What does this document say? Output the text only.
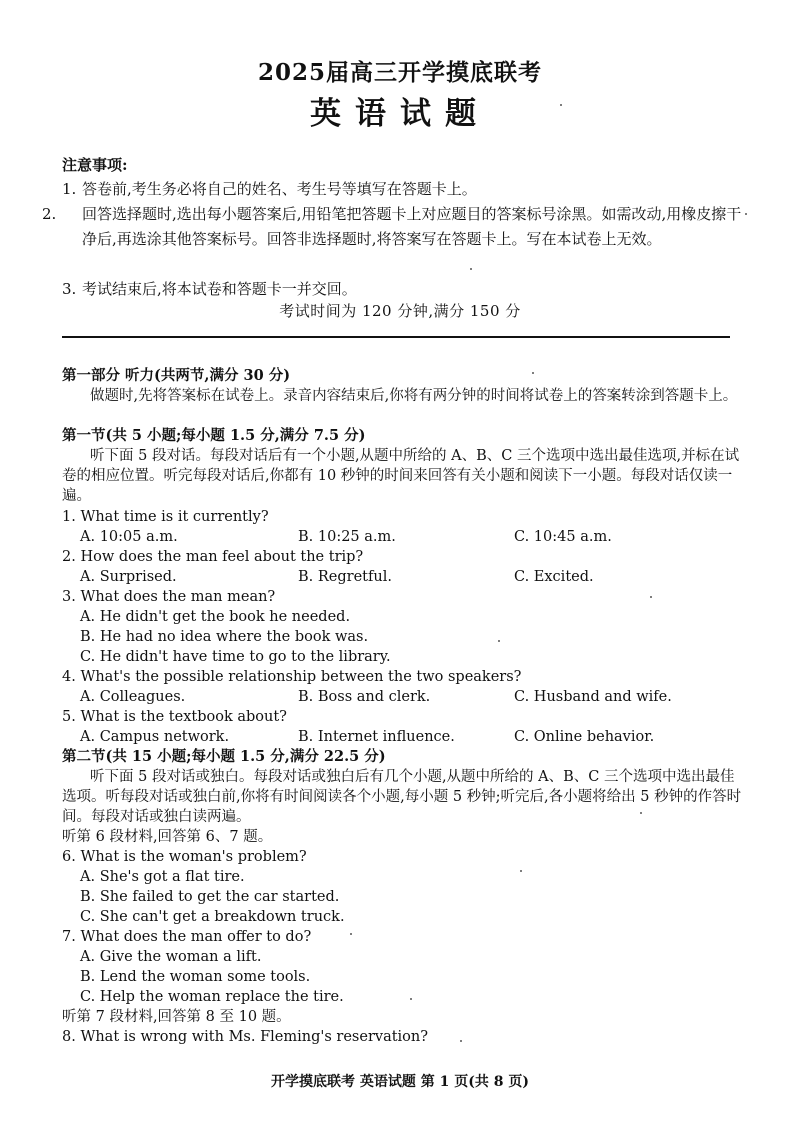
2025届高三开学摸底联考
英语试题
注意事项:
1. 答卷前,考生务必将自己的姓名、考生号等填写在答题卡上。
2. 回答选择题时,选出每小题答案后,用铅笔把答题卡上对应题目的答案标号涂黑。如需改动,用橡皮擦干净后,再选涂其他答案标号。回答非选择题时,将答案写在答题卡上。写在本试卷上无效。
3. 考试结束后,将本试卷和答题卡一并交回。
考试时间为 120 分钟,满分 150 分
第一部分 听力(共两节,满分 30 分)
做题时,先将答案标在试卷上。录音内容结束后,你将有两分钟的时间将试卷上的答案转涂到答题卡上。
第一节(共 5 小题;每小题 1.5 分,满分 7.5 分)
听下面 5 段对话。每段对话后有一个小题,从题中所给的 A、B、C 三个选项中选出最佳选项,并标在试卷的相应位置。听完每段对话后,你都有 10 秒钟的时间来回答有关小题和阅读下一小题。每段对话仅读一遍。
1. What time is it currently?
A. 10:05 a.m.	B. 10:25 a.m.	C. 10:45 a.m.
2. How does the man feel about the trip?
A. Surprised.	B. Regretful.	C. Excited.
3. What does the man mean?
A. He didn't get the book he needed.
B. He had no idea where the book was.
C. He didn't have time to go to the library.
4. What's the possible relationship between the two speakers?
A. Colleagues.	B. Boss and clerk.	C. Husband and wife.
5. What is the textbook about?
A. Campus network.	B. Internet influence.	C. Online behavior.
第二节(共 15 小题;每小题 1.5 分,满分 22.5 分)
听下面 5 段对话或独白。每段对话或独白后有几个小题,从题中所给的 A、B、C 三个选项中选出最佳选项。听每段对话或独白前,你将有时间阅读各个小题,每小题 5 秒钟;听完后,各小题将给出 5 秒钟的作答时间。每段对话或独白读两遍。
听第 6 段材料,回答第 6、7 题。
6. What is the woman's problem?
A. She's got a flat tire.
B. She failed to get the car started.
C. She can't get a breakdown truck.
7. What does the man offer to do?
A. Give the woman a lift.
B. Lend the woman some tools.
C. Help the woman replace the tire.
听第 7 段材料,回答第 8 至 10 题。
8. What is wrong with Ms. Fleming's reservation?
开学摸底联考 英语试题 第 1 页(共 8 页)
